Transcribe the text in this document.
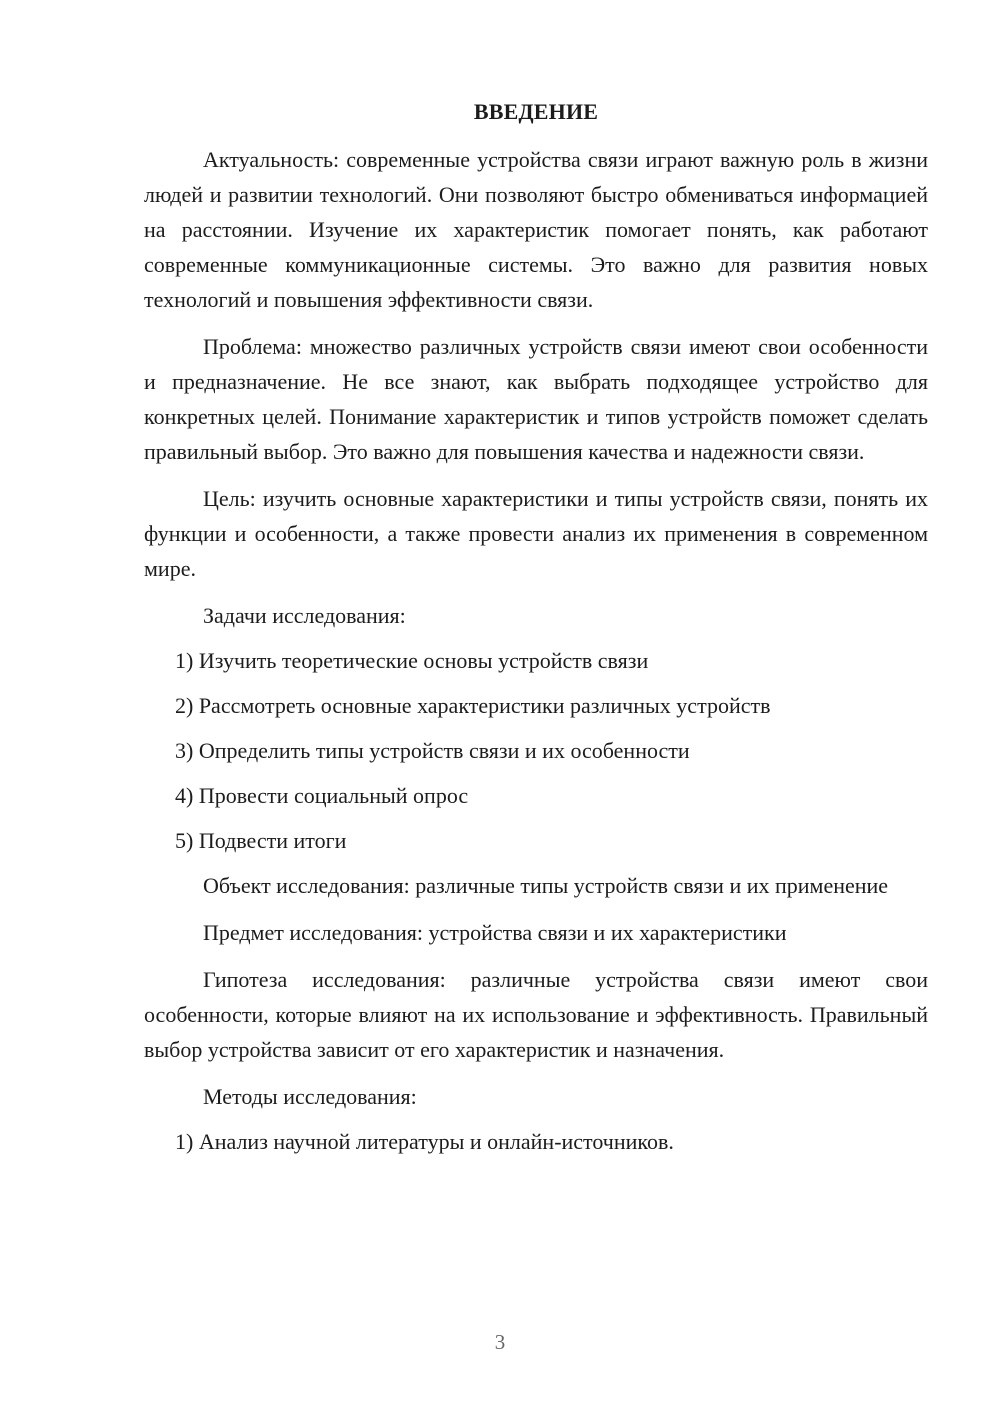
ВВЕДЕНИЕ

Актуальность: современные устройства связи играют важную роль в жизни людей и развитии технологий. Они позволяют быстро обмениваться информацией на расстоянии. Изучение их характеристик помогает понять, как работают современные коммуникационные системы. Это важно для развития новых технологий и повышения эффективности связи.

Проблема: множество различных устройств связи имеют свои особенности и предназначение. Не все знают, как выбрать подходящее устройство для конкретных целей. Понимание характеристик и типов устройств поможет сделать правильный выбор. Это важно для повышения качества и надежности связи.

Цель: изучить основные характеристики и типы устройств связи, понять их функции и особенности, а также провести анализ их применения в современном мире.

Задачи исследования:
1) Изучить теоретические основы устройств связи
2) Рассмотреть основные характеристики различных устройств
3) Определить типы устройств связи и их особенности
4) Провести социальный опрос
5) Подвести итоги

Объект исследования: различные типы устройств связи и их применение

Предмет исследования: устройства связи и их характеристики

Гипотеза исследования: различные устройства связи имеют свои особенности, которые влияют на их использование и эффективность. Правильный выбор устройства зависит от его характеристик и назначения.

Методы исследования:
1) Анализ научной литературы и онлайн-источников.
3
